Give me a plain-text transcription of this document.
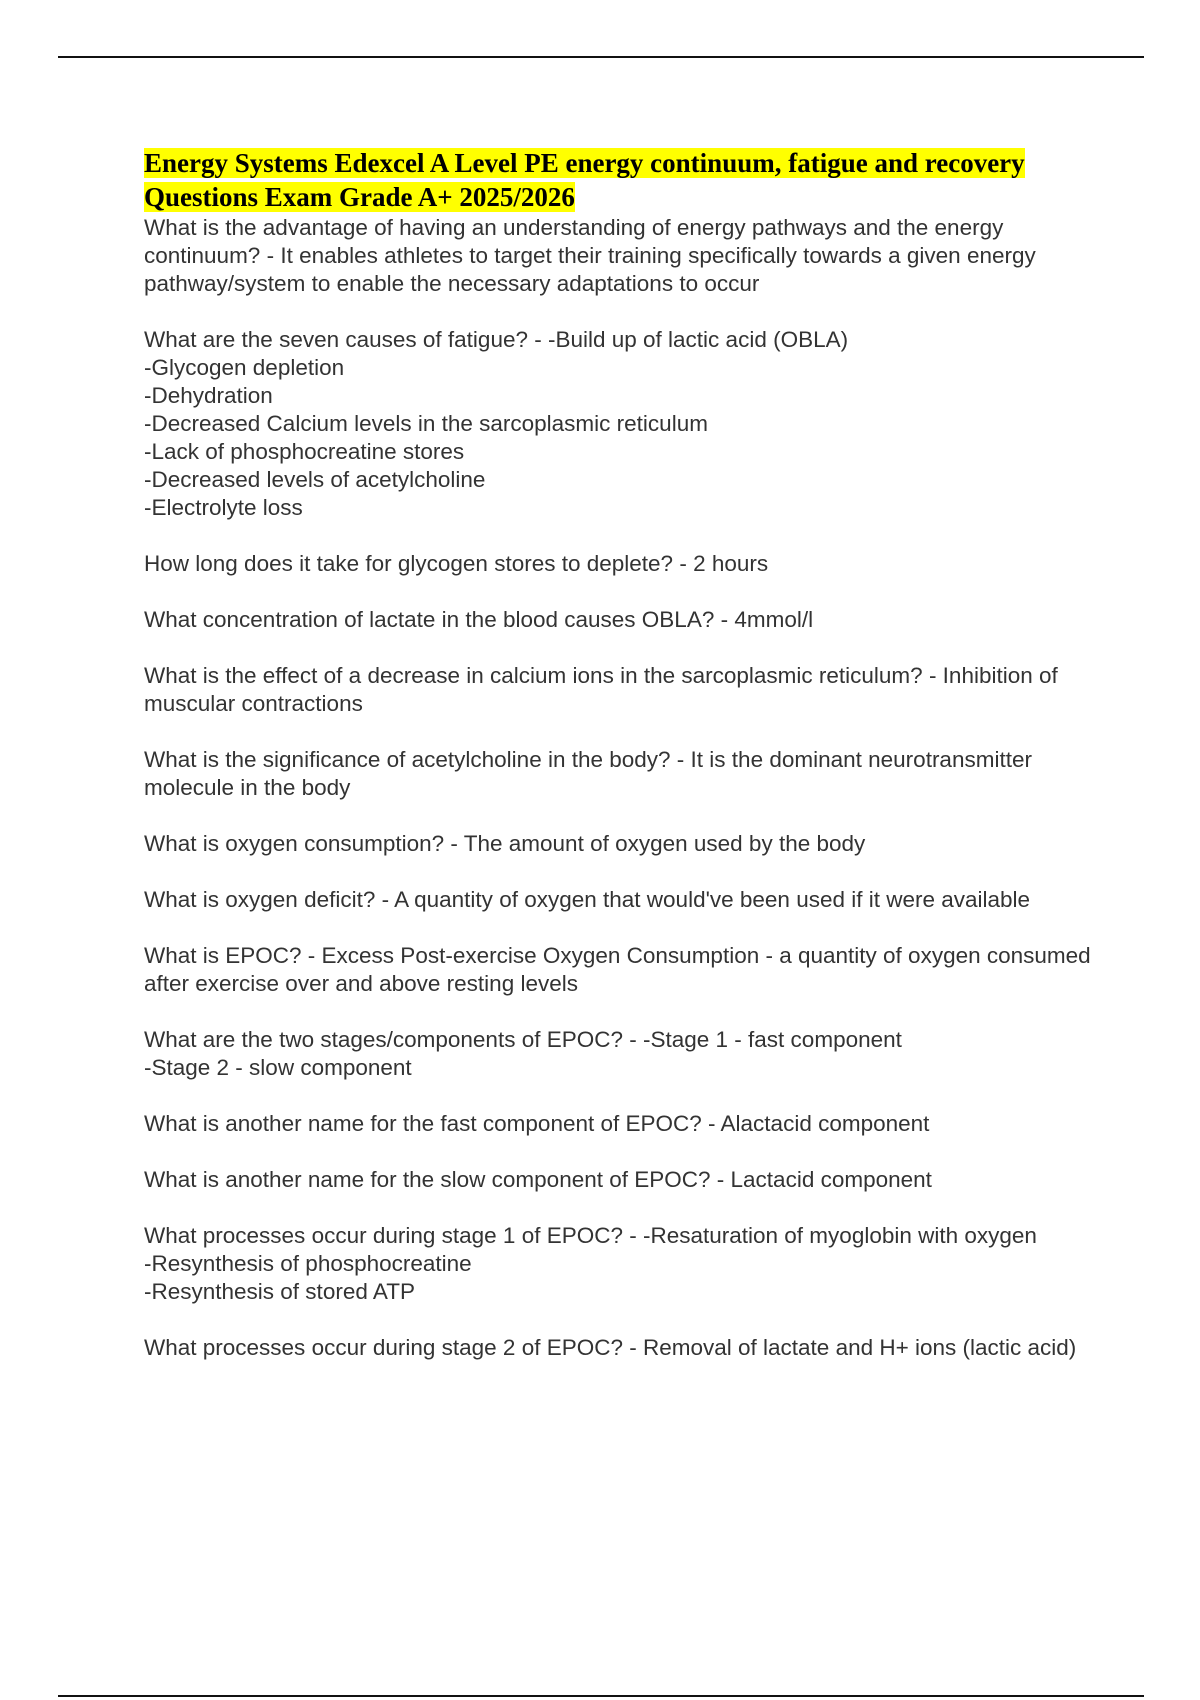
Energy Systems Edexcel A Level PE energy continuum, fatigue and recovery Questions Exam Grade A+ 2025/2026
What is the advantage of having an understanding of energy pathways and the energy continuum? - It enables athletes to target their training specifically towards a given energy pathway/system to enable the necessary adaptations to occur
What are the seven causes of fatigue? - -Build up of lactic acid (OBLA)
-Glycogen depletion
-Dehydration
-Decreased Calcium levels in the sarcoplasmic reticulum
-Lack of phosphocreatine stores
-Decreased levels of acetylcholine
-Electrolyte loss
How long does it take for glycogen stores to deplete? - 2 hours
What concentration of lactate in the blood causes OBLA? - 4mmol/l
What is the effect of a decrease in calcium ions in the sarcoplasmic reticulum? - Inhibition of muscular contractions
What is the significance of acetylcholine in the body? - It is the dominant neurotransmitter molecule in the body
What is oxygen consumption? - The amount of oxygen used by the body
What is oxygen deficit? - A quantity of oxygen that would've been used if it were available
What is EPOC? - Excess Post-exercise Oxygen Consumption - a quantity of oxygen consumed after exercise over and above resting levels
What are the two stages/components of EPOC? - -Stage 1 - fast component
-Stage 2 - slow component
What is another name for the fast component of EPOC? - Alactacid component
What is another name for the slow component of EPOC? - Lactacid component
What processes occur during stage 1 of EPOC? - -Resaturation of myoglobin with oxygen
-Resynthesis of phosphocreatine
-Resynthesis of stored ATP
What processes occur during stage 2 of EPOC? - Removal of lactate and H+ ions (lactic acid)
